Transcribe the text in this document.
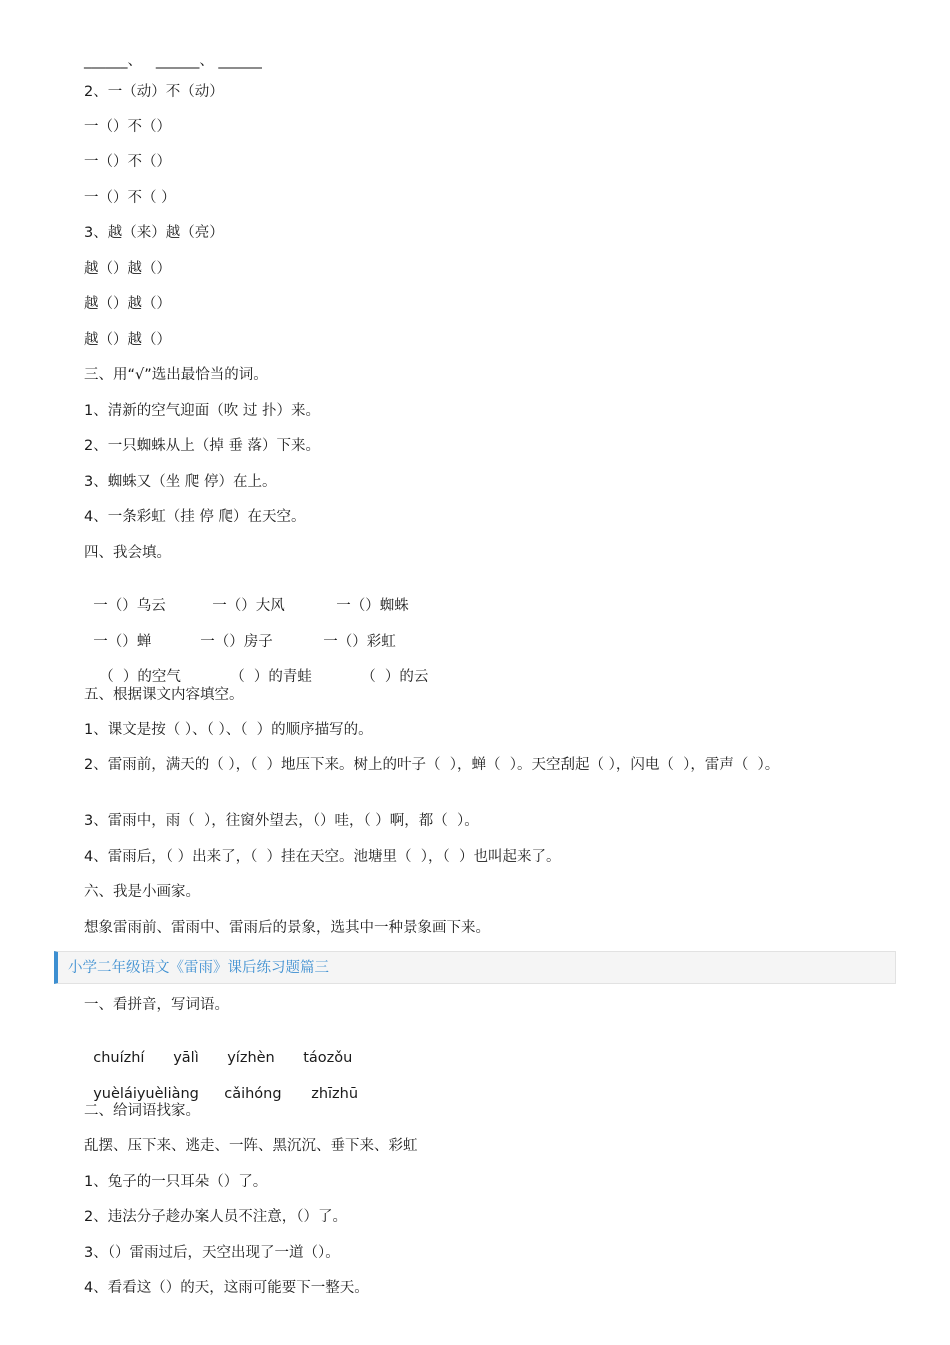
______、   ______、 ______

2、一（动）不（动）

一（）不（）

一（）不（）

一（）不（ ）

3、越（来）越（亮）

越（）越（）

越（）越（）

越（）越（）

三、用“√”选出最恰当的词。

1、清新的空气迎面（吹 过 扑）来。

2、一只蜘蛛从上（掉 垂 落）下来。

3、蜘蛛又（坐 爬 停）在上。

4、一条彩虹（挂 停 爬）在天空。

四、我会填。

一（）乌云	一（）大风	一（）蜘蛛

一（）蝉	一（）房子	一（）彩虹

（  ）的空气	（  ）的青蛙	（  ）的云

五、根据课文内容填空。

1、课文是按（ ）、（ ）、（  ）的顺序描写的。

2、雷雨前，满天的（ ），（  ）地压下来。树上的叶子（  ），蝉（  ）。天空刮起（ ），闪电（  ），雷声（  ）。

3、雷雨中，雨（  ），往窗外望去，（）哇，（ ）啊，都（  ）。

4、雷雨后，（ ）出来了，（  ）挂在天空。池塘里（  ），（  ）也叫起来了。

六、我是小画家。

想象雷雨前、雷雨中、雷雨后的景象，选其中一种景象画下来。

小学二年级语文《雷雨》课后练习题篇三

一、看拼音，写词语。

chuízhí yālì yízhèn táozǒu

yuèláiyuèliàng cǎihóng zhīzhū

二、给词语找家。

乱摆、压下来、逃走、一阵、黑沉沉、垂下来、彩虹

1、兔子的一只耳朵（）了。

2、违法分子趁办案人员不注意，（）了。

3、（）雷雨过后，天空出现了一道（）。

4、看看这（）的天，这雨可能要下一整天。
